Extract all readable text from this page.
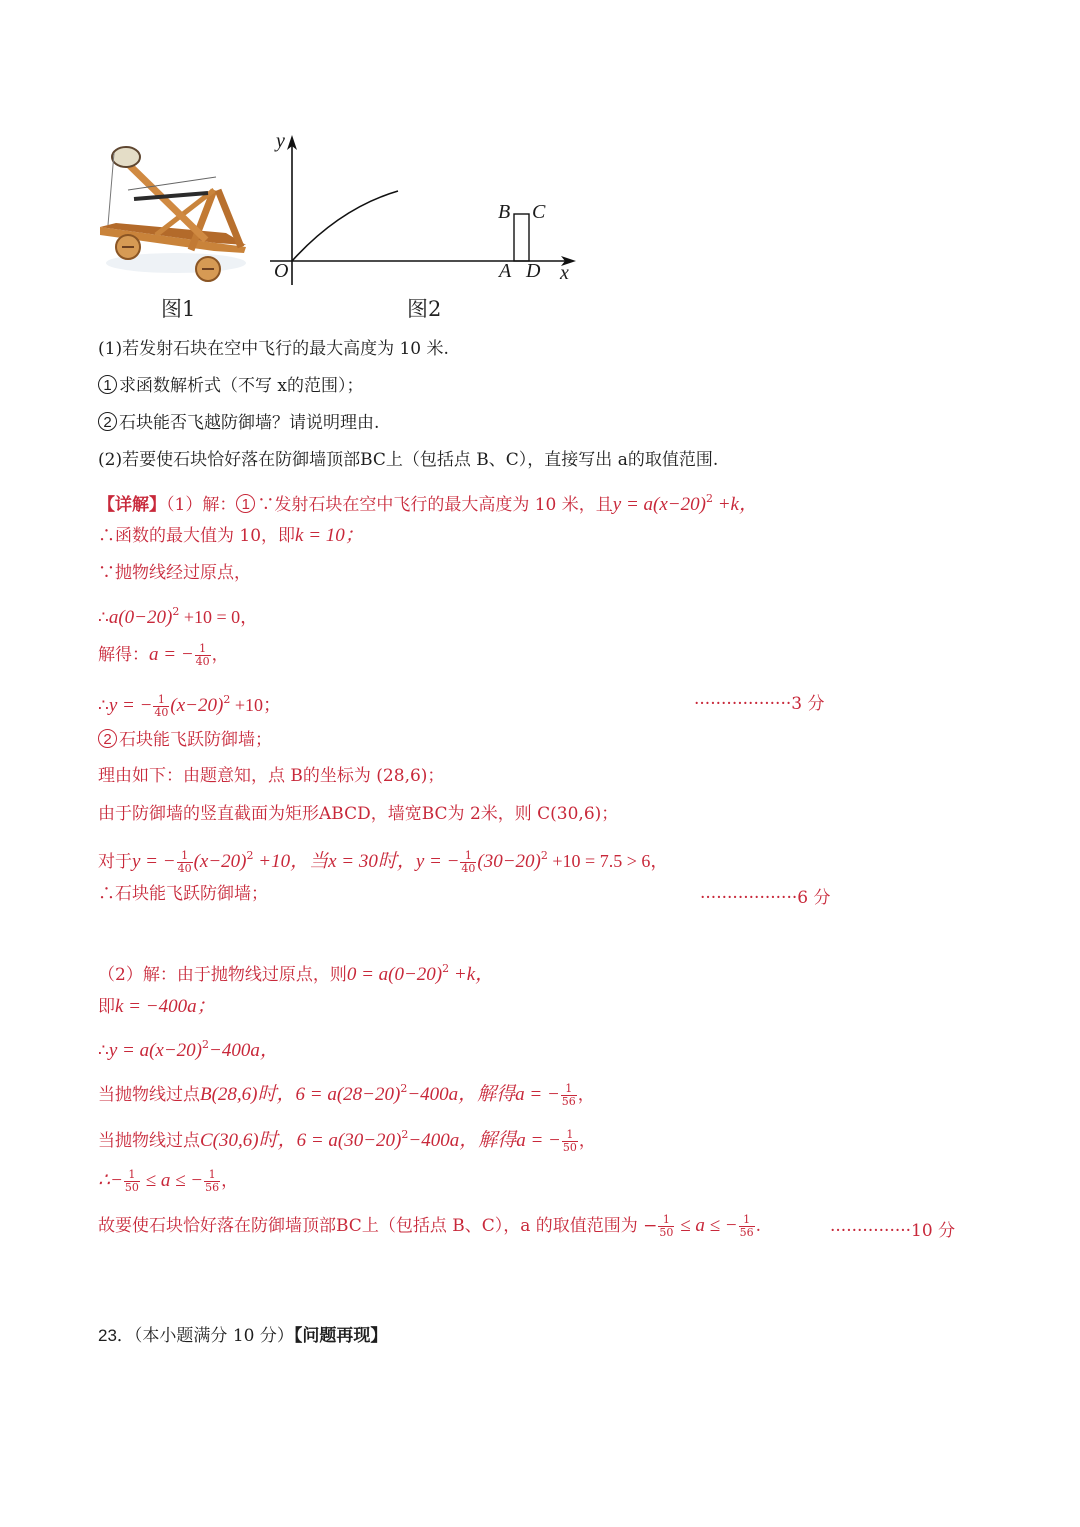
图1
y
O	A D x
B C
图2
(1)若发射石块在空中飞行的最大高度为 10 米.
1 求函数解析式（不写 x的范围）；
2 石块能否飞越防御墙？请说明理由.
(2)若要使石块恰好落在防御墙顶部BC上（包括点 B、C），直接写出 a的取值范围.
【详解】（1）解： 1 ∵发射石块在空中飞行的最大高度为 10 米，且$y = a(x-20)^2 +k$，
∴函数的最大值为 10，即k = 10；
∵抛物线经过原点，
$\therefore a(0-20)^2 +10 = 0$，
解得：a = − $\frac{1}{40}$ ，
∴y = − $\frac{1}{40} (x-20)^2 +10$；	··················3 分
2 石块能飞跃防御墙；
理由如下：由题意知，点 B的坐标为 (28,6)；
由于防御墙的竖直截面为矩形ABCD，墙宽BC为 2米，则 C(30,6)；
对于y = − $\frac{1}{40} (x-20)^2 +10$，当x = 30时，y = − $\frac{1}{40} (30-20)^2 +10 = 7.5 > 6$，
∴石块能飞跃防御墙；	··················6 分
（2）解：由于抛物线过原点，则$0 = a(0-20)^2 +k$，
即k = −400a；
∴y = $a(x-20)^2-400a$，
当抛物线过点B(28,6)时，$6 = a(28-20)^2-400a$，解得a = − $\frac{1}{56}$ ，
当抛物线过点C(30,6)时，$6 = a(30-20)^2-400a$，解得a = − $\frac{1}{50}$ ，
∴− $\frac{1}{50} \le a$ ≤ − $\frac{1}{56}$ ，
故要使石块恰好落在防御墙顶部BC上（包括点 B、C），a 的取值范围为 − $\frac{1}{50} \le a$ ≤ − $\frac{1}{56}$ .	···············10 分
23．（本小题满分 10 分）【问题再现】
